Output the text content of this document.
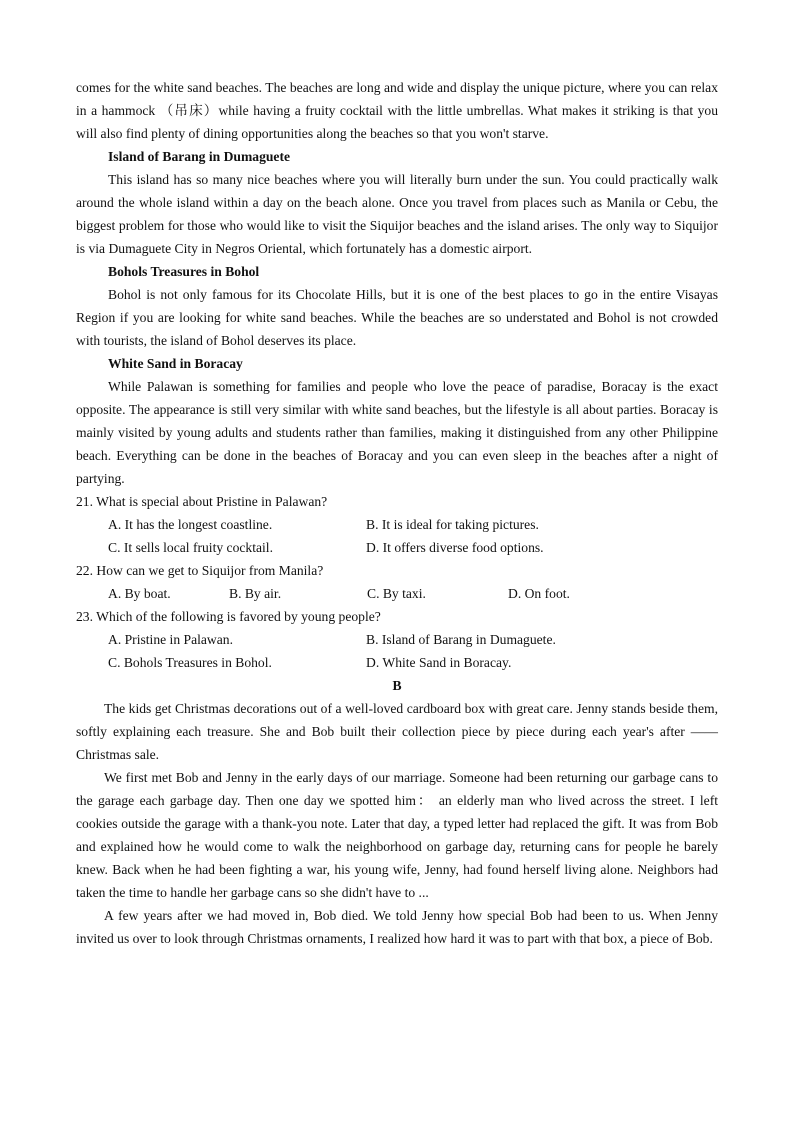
comes for the white sand beaches. The beaches are long and wide and display the unique picture, where you can relax in a hammock （吊床）while having a fruity cocktail with the little umbrellas. What makes it striking is that you will also find plenty of dining opportunities along the beaches so that you won't starve.

Island of Barang in Dumaguete

This island has so many nice beaches where you will literally burn under the sun. You could practically walk around the whole island within a day on the beach alone. Once you travel from places such as Manila or Cebu, the biggest problem for those who would like to visit the Siquijor beaches and the island arises. The only way to Siquijor is via Dumaguete City in Negros Oriental, which fortunately has a domestic airport.

Bohols Treasures in Bohol

Bohol is not only famous for its Chocolate Hills, but it is one of the best places to go in the entire Visayas Region if you are looking for white sand beaches. While the beaches are so understated and Bohol is not crowded with tourists, the island of Bohol deserves its place.

White Sand in Boracay

While Palawan is something for families and people who love the peace of paradise, Boracay is the exact opposite. The appearance is still very similar with white sand beaches, but the lifestyle is all about parties. Boracay is mainly visited by young adults and students rather than families, making it distinguished from any other Philippine beach. Everything can be done in the beaches of Boracay and you can even sleep in the beaches after a night of partying.

21. What is special about Pristine in Palawan?
A. It has the longest coastline.	B. It is ideal for taking pictures.
C. It sells local fruity cocktail.	D. It offers diverse food options.
22. How can we get to Siquijor from Manila?
A. By boat.	B. By air.	C. By taxi.	D. On foot.
23. Which of the following is favored by young people?
A. Pristine in Palawan.	B. Island of Barang in Dumaguete.
C. Bohols Treasures in Bohol.	D. White Sand in Boracay.
B

The kids get Christmas decorations out of a well-loved cardboard box with great care. Jenny stands beside them, softly explaining each treasure. She and Bob built their collection piece by piece during each year's after ——Christmas sale.

We first met Bob and Jenny in the early days of our marriage. Someone had been returning our garbage cans to the garage each garbage day. Then one day we spotted him： an elderly man who lived across the street. I left cookies outside the garage with a thank-you note. Later that day, a typed letter had replaced the gift. It was from Bob and explained how he would come to walk the neighborhood on garbage day, returning cans for people he barely knew. Back when he had been fighting a war, his young wife, Jenny, had found herself living alone. Neighbors had taken the time to handle her garbage cans so she didn't have to ...

A few years after we had moved in, Bob died. We told Jenny how special Bob had been to us. When Jenny invited us over to look through Christmas ornaments, I realized how hard it was to part with that box, a piece of Bob.
